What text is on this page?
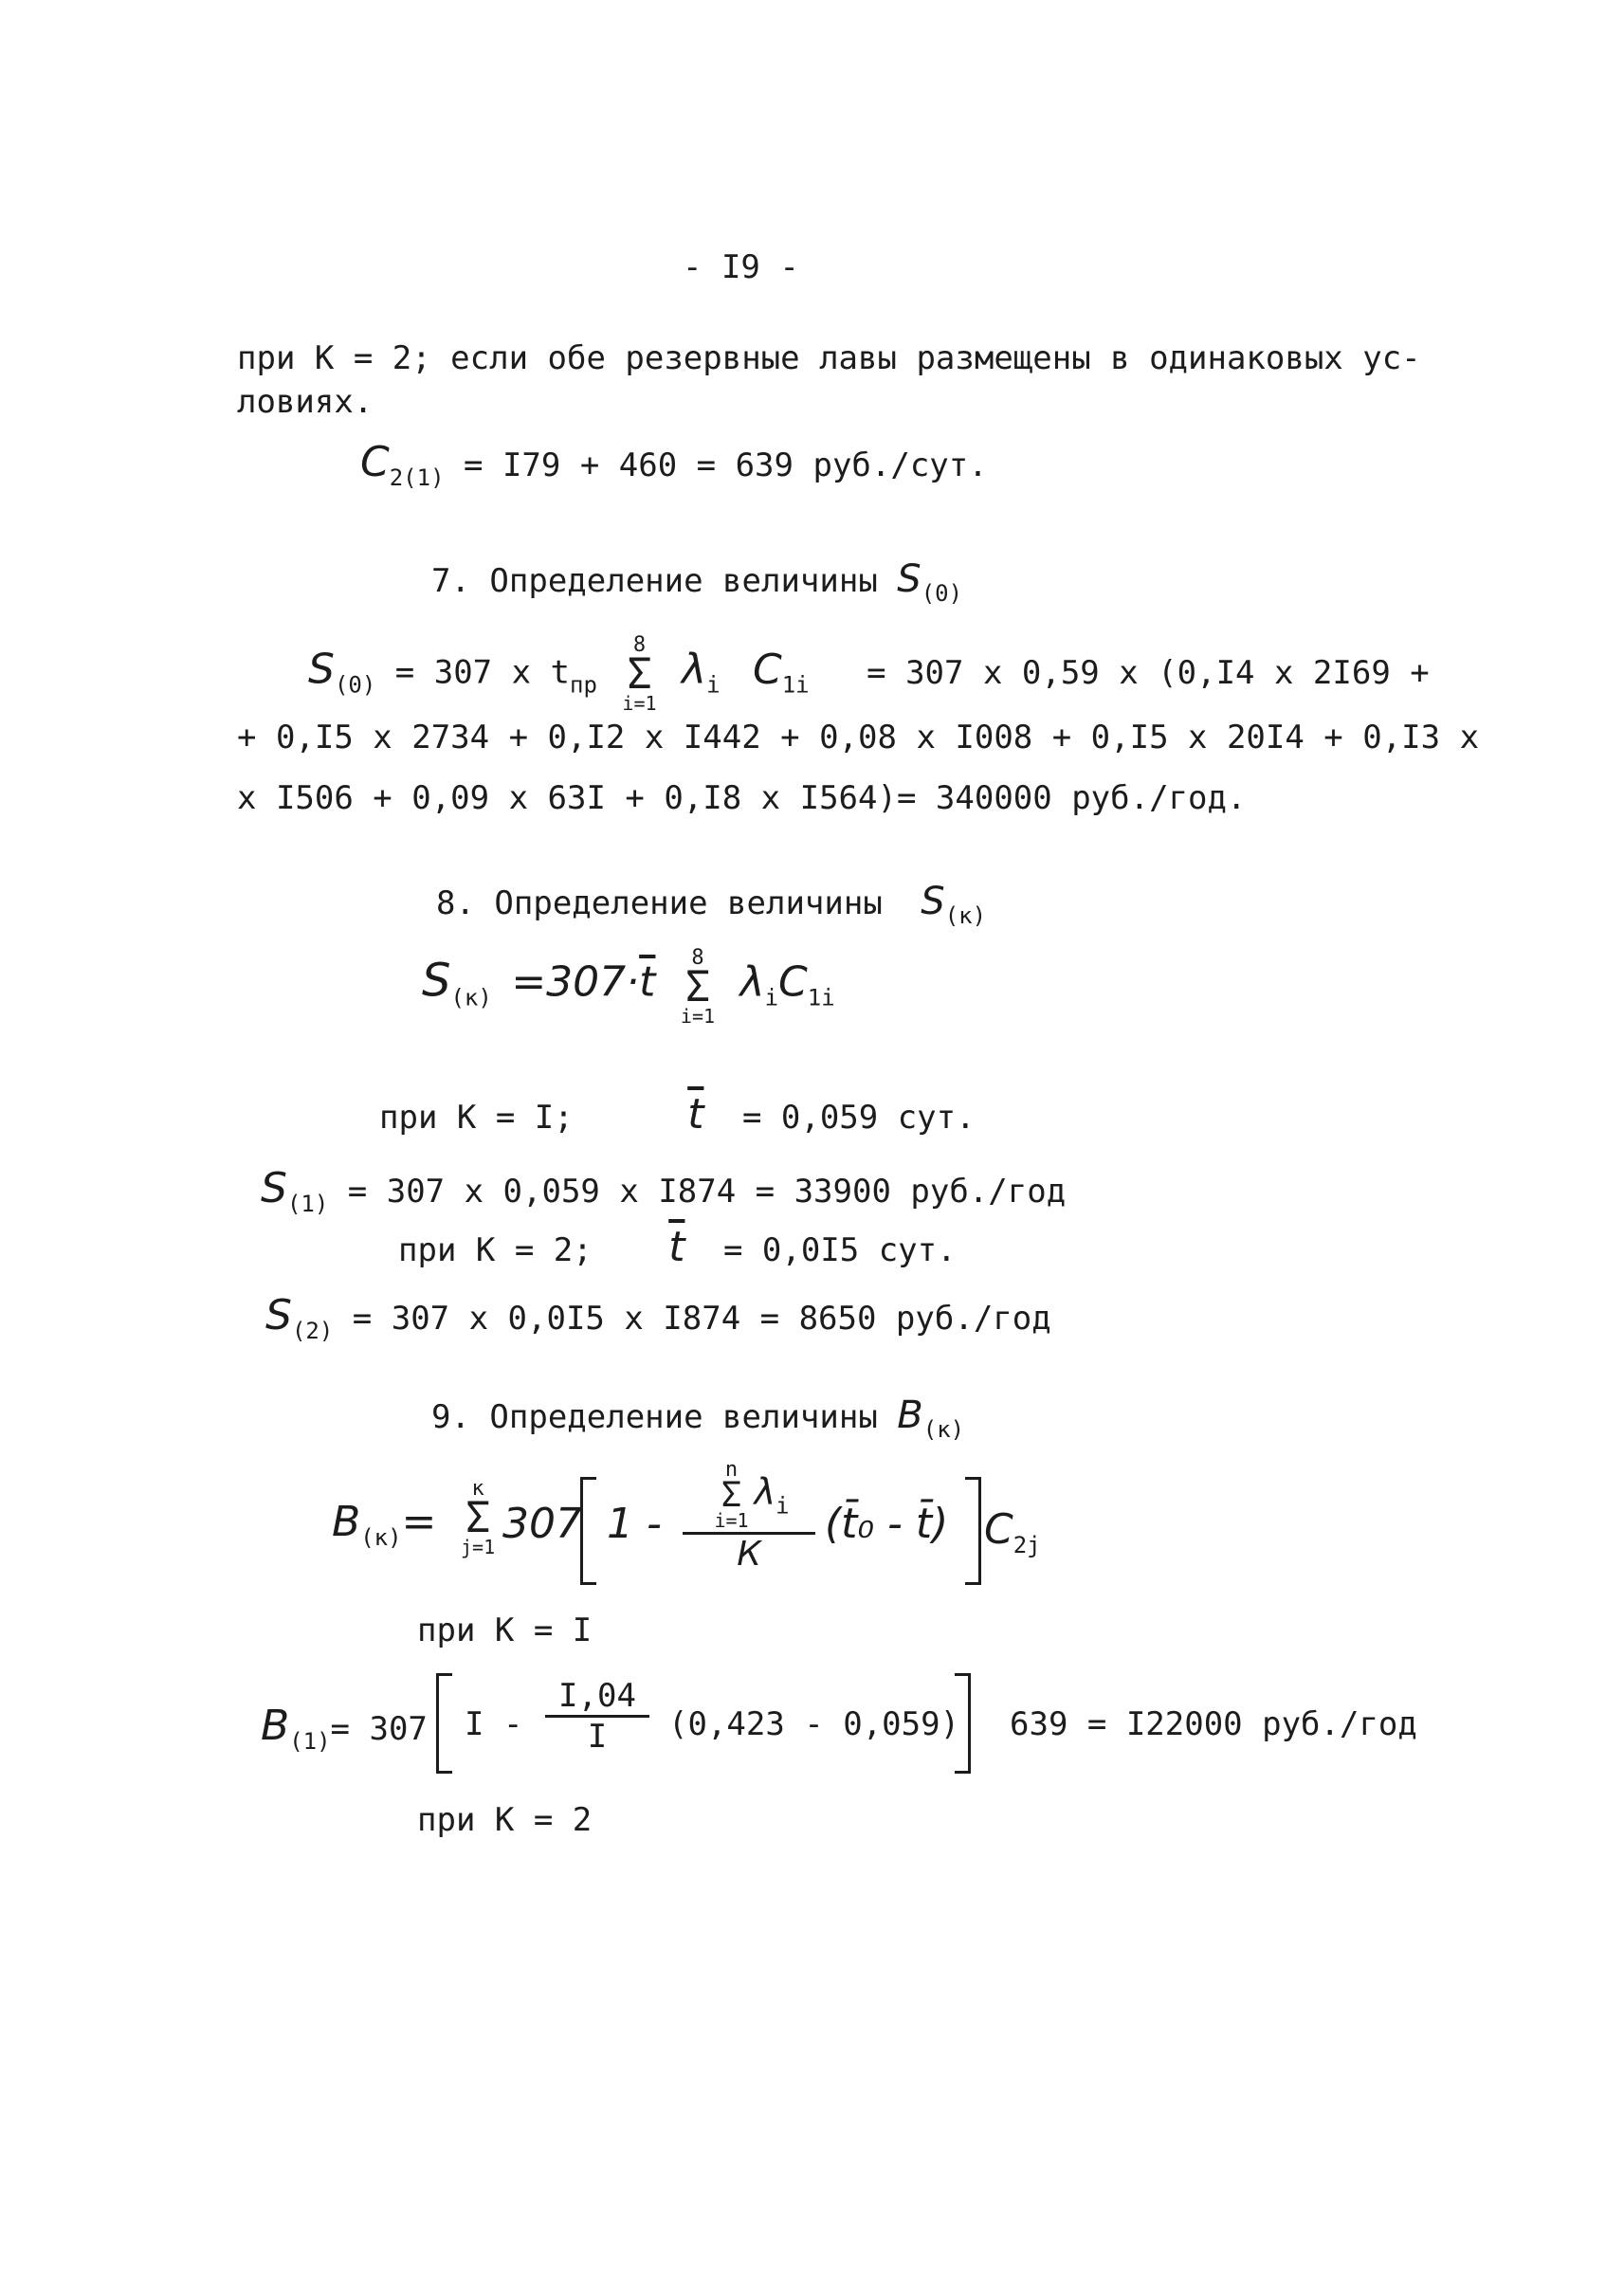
- I9 -
при К = 2; если обе резервные лавы размещены в одинаковых ус-
ловиях.
$C_{2(1)} = I79 + 460 = 639$ руб./сут.
7. Определение величины $S_{(0)}$
$S_{(0)} = 307$ x $t_{пр}$
8
Σ
i=1
$\lambda_i$ $C_{1i} = 307$ x 0,59 x (0,I4 x 2I69 +
+ 0,I5 x 2734 + 0,I2 x I442 + 0,08 x I008 + 0,I5 x 20I4 + 0,I3 x
x I506 + 0,09 x 63I + 0,I8 x I564)= 340000 руб./год.
8. Определение величины $S_{(к)}$
$S_{(к)} =307\cdot\overline{t}$	8
Σ
i=1
$\lambda_iC_{1i}$
при К = I;	$\overline{t} = 0,059$ сут.
$S_{(1)} = 307$ x 0,059 x I874 = 33900 руб./год
при К = 2; $\overline{t} = 0,0I5$ сут.
$S_{(2)} = 307$ x 0,0I5 x I874 = 8650 руб./год
9. Определение величины $B_{(к)}$
$B_{(к)}=$
к
Σ
j=1 307 1 -
n
Σ
i=1
$\lambda_i$
К
(t̄₀ - t̄) $C_{2j}$
при К = I
$B_{(1)}= 307$ $I - \frac{I,04}{I} (0,423 - 0,059) 639 = I22000$ руб./год
при К = 2
